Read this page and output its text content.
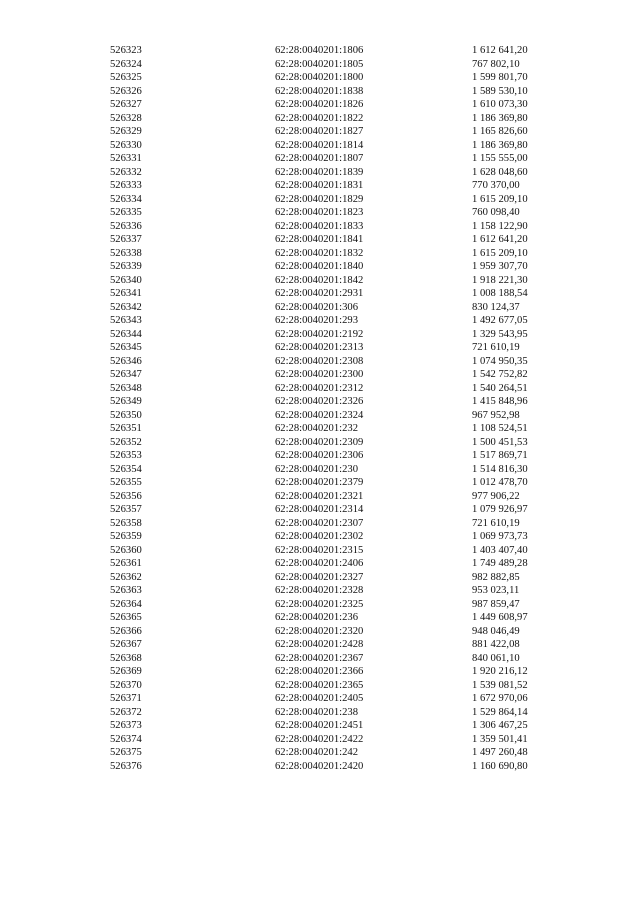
526323	62:28:0040201:1806	1 612 641,20
526324	62:28:0040201:1805	767 802,10
526325	62:28:0040201:1800	1 599 801,70
526326	62:28:0040201:1838	1 589 530,10
526327	62:28:0040201:1826	1 610 073,30
526328	62:28:0040201:1822	1 186 369,80
526329	62:28:0040201:1827	1 165 826,60
526330	62:28:0040201:1814	1 186 369,80
526331	62:28:0040201:1807	1 155 555,00
526332	62:28:0040201:1839	1 628 048,60
526333	62:28:0040201:1831	770 370,00
526334	62:28:0040201:1829	1 615 209,10
526335	62:28:0040201:1823	760 098,40
526336	62:28:0040201:1833	1 158 122,90
526337	62:28:0040201:1841	1 612 641,20
526338	62:28:0040201:1832	1 615 209,10
526339	62:28:0040201:1840	1 959 307,70
526340	62:28:0040201:1842	1 918 221,30
526341	62:28:0040201:2931	1 008 188,54
526342	62:28:0040201:306	830 124,37
526343	62:28:0040201:293	1 492 677,05
526344	62:28:0040201:2192	1 329 543,95
526345	62:28:0040201:2313	721 610,19
526346	62:28:0040201:2308	1 074 950,35
526347	62:28:0040201:2300	1 542 752,82
526348	62:28:0040201:2312	1 540 264,51
526349	62:28:0040201:2326	1 415 848,96
526350	62:28:0040201:2324	967 952,98
526351	62:28:0040201:232	1 108 524,51
526352	62:28:0040201:2309	1 500 451,53
526353	62:28:0040201:2306	1 517 869,71
526354	62:28:0040201:230	1 514 816,30
526355	62:28:0040201:2379	1 012 478,70
526356	62:28:0040201:2321	977 906,22
526357	62:28:0040201:2314	1 079 926,97
526358	62:28:0040201:2307	721 610,19
526359	62:28:0040201:2302	1 069 973,73
526360	62:28:0040201:2315	1 403 407,40
526361	62:28:0040201:2406	1 749 489,28
526362	62:28:0040201:2327	982 882,85
526363	62:28:0040201:2328	953 023,11
526364	62:28:0040201:2325	987 859,47
526365	62:28:0040201:236	1 449 608,97
526366	62:28:0040201:2320	948 046,49
526367	62:28:0040201:2428	881 422,08
526368	62:28:0040201:2367	840 061,10
526369	62:28:0040201:2366	1 920 216,12
526370	62:28:0040201:2365	1 539 081,52
526371	62:28:0040201:2405	1 672 970,06
526372	62:28:0040201:238	1 529 864,14
526373	62:28:0040201:2451	1 306 467,25
526374	62:28:0040201:2422	1 359 501,41
526375	62:28:0040201:242	1 497 260,48
526376	62:28:0040201:2420	1 160 690,80
